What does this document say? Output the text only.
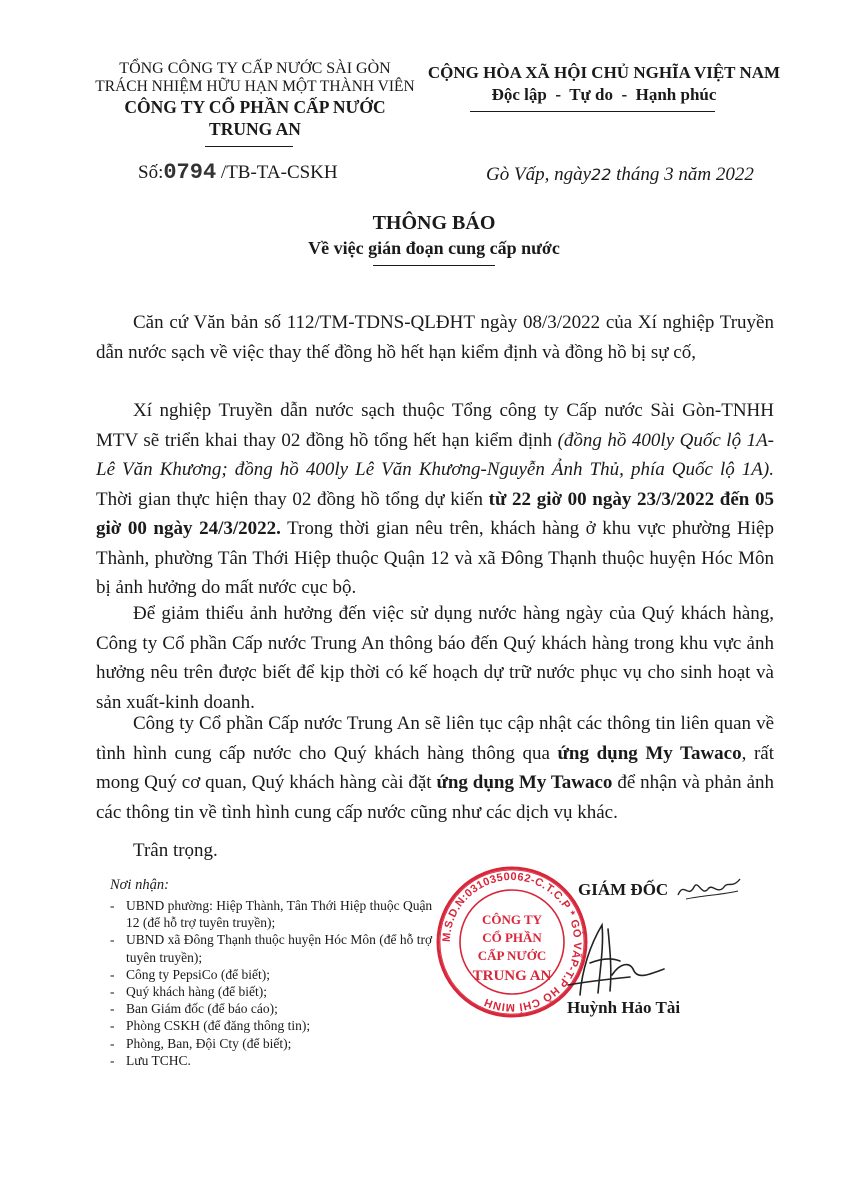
TỔNG CÔNG TY CẤP NƯỚC SÀI GÒN
TRÁCH NHIỆM HỮU HẠN MỘT THÀNH VIÊN
CÔNG TY CỔ PHẦN CẤP NƯỚC
TRUNG AN
Số:0794 /TB-TA-CSKH
CỘNG HÒA XÃ HỘI CHỦ NGHĨA VIỆT NAM
Độc lập  -  Tự do  -  Hạnh phúc
Gò Vấp, ngày22 tháng 3 năm 2022
THÔNG BÁO
Về việc gián đoạn cung cấp nước
Căn cứ Văn bản số 112/TM-TDNS-QLĐHT ngày 08/3/2022 của Xí nghiệp Truyền dẫn nước sạch về việc thay thế đồng hồ hết hạn kiểm định và đồng hồ bị sự cố,
Xí nghiệp Truyền dẫn nước sạch thuộc Tổng công ty Cấp nước Sài Gòn-TNHH MTV sẽ triển khai thay 02 đồng hồ tổng hết hạn kiểm định (đồng hồ 400ly Quốc lộ 1A-Lê Văn Khương; đồng hồ 400ly Lê Văn Khương-Nguyễn Ảnh Thủ, phía Quốc lộ 1A). Thời gian thực hiện thay 02 đồng hồ tổng dự kiến từ 22 giờ 00 ngày 23/3/2022 đến 05 giờ 00 ngày 24/3/2022. Trong thời gian nêu trên, khách hàng ở khu vực phường Hiệp Thành, phường Tân Thới Hiệp thuộc Quận 12 và xã Đông Thạnh thuộc huyện Hóc Môn bị ảnh hưởng do mất nước cục bộ.
Để giảm thiểu ảnh hưởng đến việc sử dụng nước hàng ngày của Quý khách hàng, Công ty Cổ phần Cấp nước Trung An thông báo đến Quý khách hàng trong khu vực ảnh hưởng nêu trên được biết để kịp thời có kế hoạch dự trữ nước phục vụ cho sinh hoạt và sản xuất-kinh doanh.
Công ty Cổ phần Cấp nước Trung An sẽ liên tục cập nhật các thông tin liên quan về tình hình cung cấp nước cho Quý khách hàng thông qua ứng dụng My Tawaco, rất mong Quý cơ quan, Quý khách hàng cài đặt ứng dụng My Tawaco để nhận và phản ảnh các thông tin về tình hình cung cấp nước cũng như các dịch vụ khác.
Trân trọng.
Nơi nhận:
- UBND phường: Hiệp Thành, Tân Thới Hiệp thuộc Quận 12 (để hỗ trợ tuyên truyền);
- UBND xã Đông Thạnh thuộc huyện Hóc Môn (để hỗ trợ tuyên truyền);
- Công ty PepsiCo (để biết);
- Quý khách hàng (để biết);
- Ban Giám đốc (để báo cáo);
- Phòng CSKH (để đăng thông tin);
- Phòng, Ban, Đội Cty (để biết);
- Lưu TCHC.
GIÁM ĐỐC
M.S.D.N:0310350062-C.T.C.P * GÒ VẤP-T.P HỒ CHÍ MINH
CÔNG TY
CỔ PHẦN
CẤP NƯỚC
TRUNG AN
Huỳnh Hảo Tài
